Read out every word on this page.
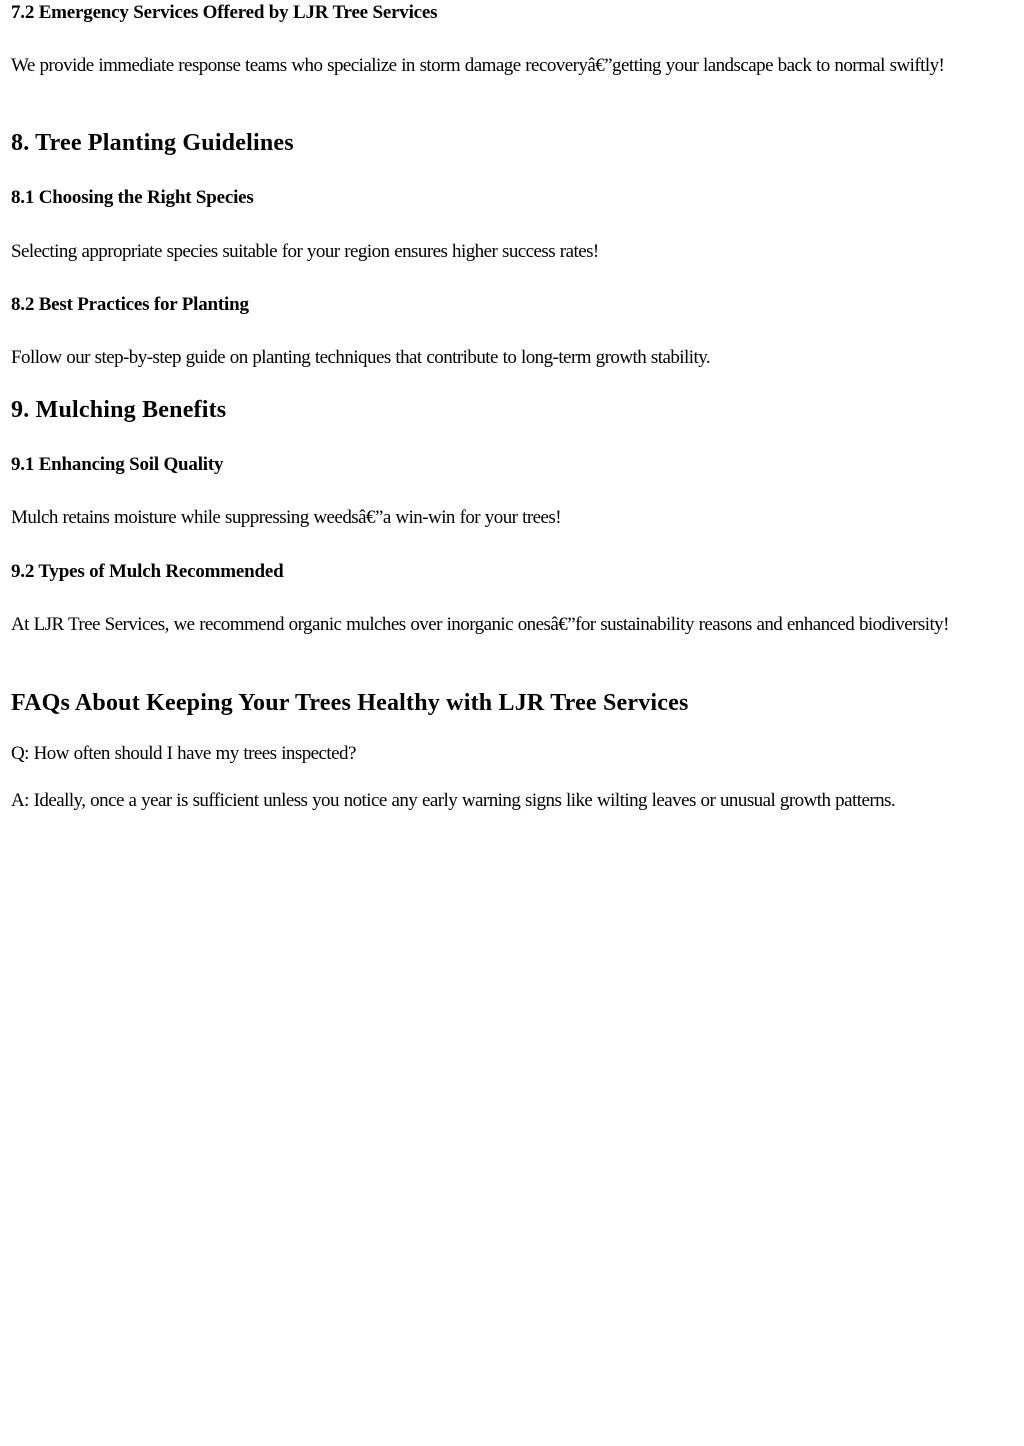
7.2 Emergency Services Offered by LJR Tree Services

We provide immediate response teams who specialize in storm damage recoveryâ€”getting your landscape back to normal swiftly!

8. Tree Planting Guidelines
8.1 Choosing the Right Species

Selecting appropriate species suitable for your region ensures higher success rates!

8.2 Best Practices for Planting

Follow our step-by-step guide on planting techniques that contribute to long-term growth stability.

9. Mulching Benefits
9.1 Enhancing Soil Quality

Mulch retains moisture while suppressing weedsâ€”a win-win for your trees!

9.2 Types of Mulch Recommended

At LJR Tree Services, we recommend organic mulches over inorganic onesâ€”for sustainability reasons and enhanced biodiversity!

FAQs About Keeping Your Trees Healthy with LJR Tree Services

Q: How often should I have my trees inspected?

A: Ideally, once a year is sufficient unless you notice any early warning signs like wilting leaves or unusual growth patterns.
